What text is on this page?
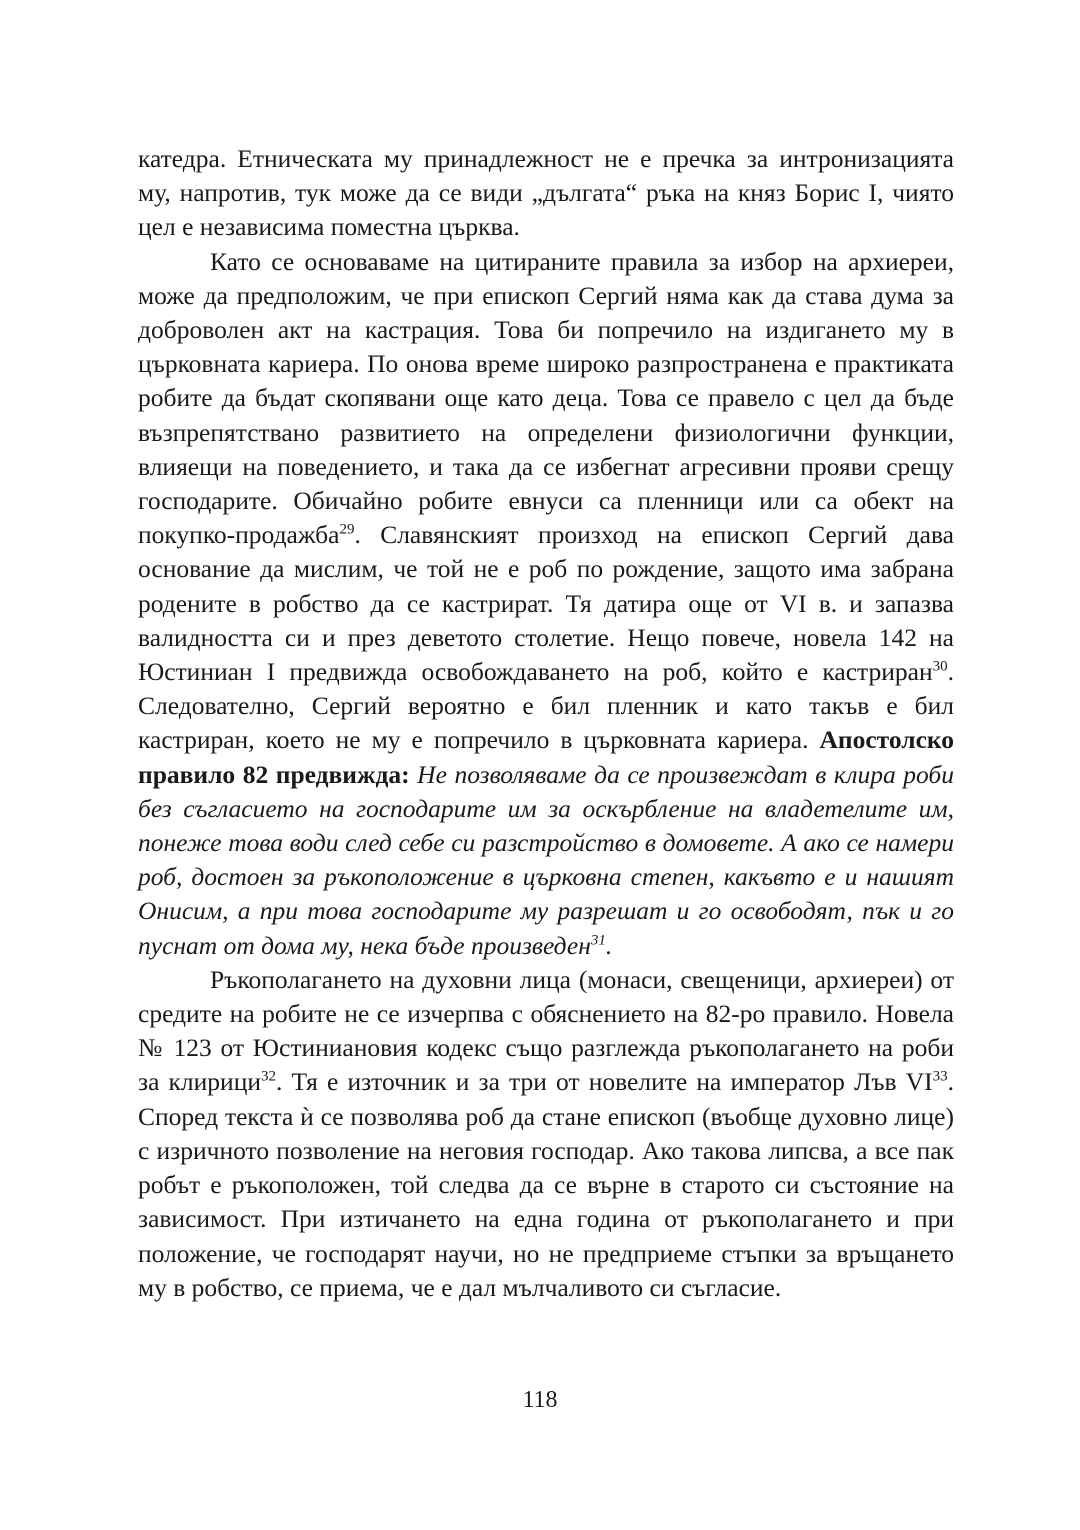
катедра. Етническата му принадлежност не е пречка за интронизацията му, напротив, тук може да се види „дългата“ ръка на княз Борис I, чиято цел е независима поместна църква.

Като се основаваме на цитираните правила за избор на архиереи, може да предположим, че при епископ Сергий няма как да става дума за доброволен акт на кастрация. Това би попречило на издигането му в църковната кариера. По онова време широко разпространена е практиката робите да бъдат скопявани още като деца. Това се правело с цел да бъде възпрепятствано развитието на определени физиологични функции, влияещи на поведението, и така да се избегнат агресивни прояви срещу господарите. Обичайно робите евнуси са пленници или са обект на покупко-продажба$^{29}$. Славянският произход на епископ Сергий дава основание да мислим, че той не е роб по рождение, защото има забрана родените в робство да се кастрират. Тя датира още от VI в. и запазва валидността си и през деветото столетие. Нещо повече, новела 142 на Юстиниан I предвижда освобождаването на роб, който е кастриран$^{30}$. Следователно, Сергий вероятно е бил пленник и като такъв е бил кастриран, което не му е попречило в църковната кариера. Апостолско правило 82 предвижда: Не позволяваме да се произвеждат в клира роби без съгласието на господарите им за оскърбление на владетелите им, понеже това води след себе си разстройство в домовете. А ако се намери роб, достоен за ръкоположение в църковна степен, какъвто е и нашият Онисим, а при това господарите му разрешат и го освободят, пък и го пуснат от дома му, нека бъде произведен$^{31}$.

Ръкополагането на духовни лица (монаси, свещеници, архиереи) от средите на робите не се изчерпва с обяснението на 82-ро правило. Новела № 123 от Юстиниановия кодекс също разглежда ръкополагането на роби за клирици$^{32}$. Тя е източник и за три от новелите на император Лъв VI$^{33}$. Според текста ѝ се позволява роб да стане епископ (въобще духовно лице) с изричното позволение на неговия господар. Ако такова липсва, а все пак робът е ръкоположен, той следва да се върне в старото си състояние на зависимост. При изтичането на една година от ръкополагането и при положение, че господарят научи, но не предприеме стъпки за връщането му в робство, се приема, че е дал мълчаливото си съгласие.

118
